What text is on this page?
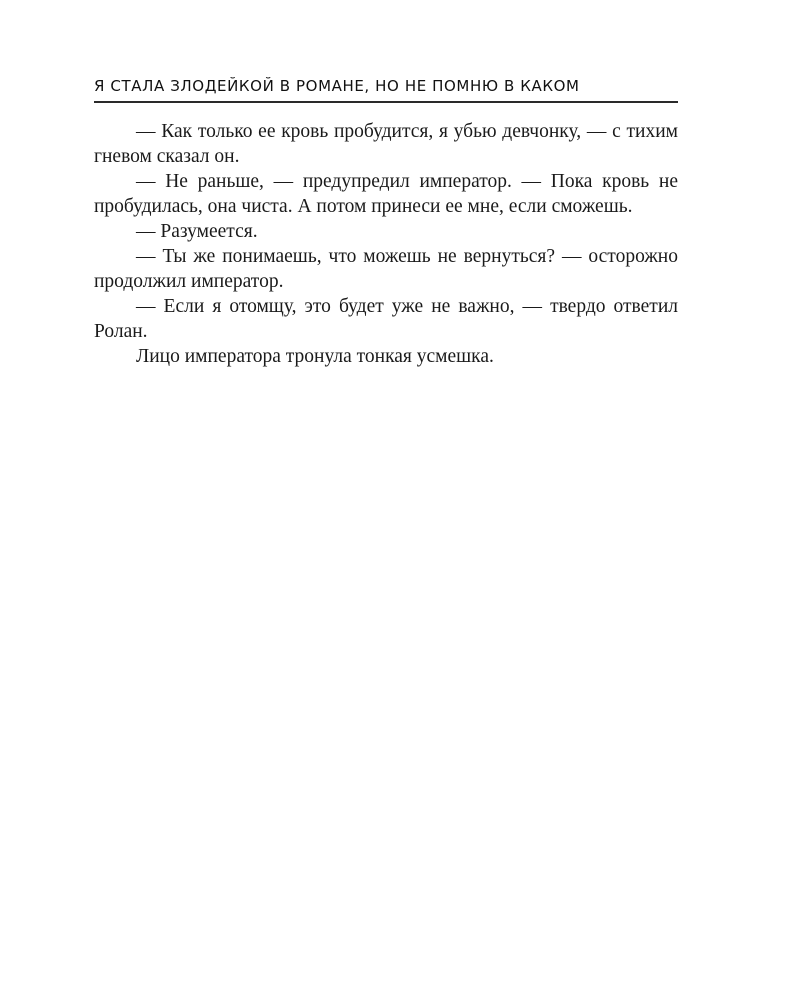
Я СТАЛА ЗЛОДЕЙКОЙ В РОМАНЕ, НО НЕ ПОМНЮ В КАКОМ

— Как только ее кровь пробудится, я убью девчонку, — с тихим гневом сказал он.

— Не раньше, — предупредил император. — Пока кровь не пробудилась, она чиста. А потом принеси ее мне, если сможешь.

— Разумеется.

— Ты же понимаешь, что можешь не вернуться? — осторожно продолжил император.

— Если я отомщу, это будет уже не важно, — твердо ответил Ролан.

Лицо императора тронула тонкая усмешка.
